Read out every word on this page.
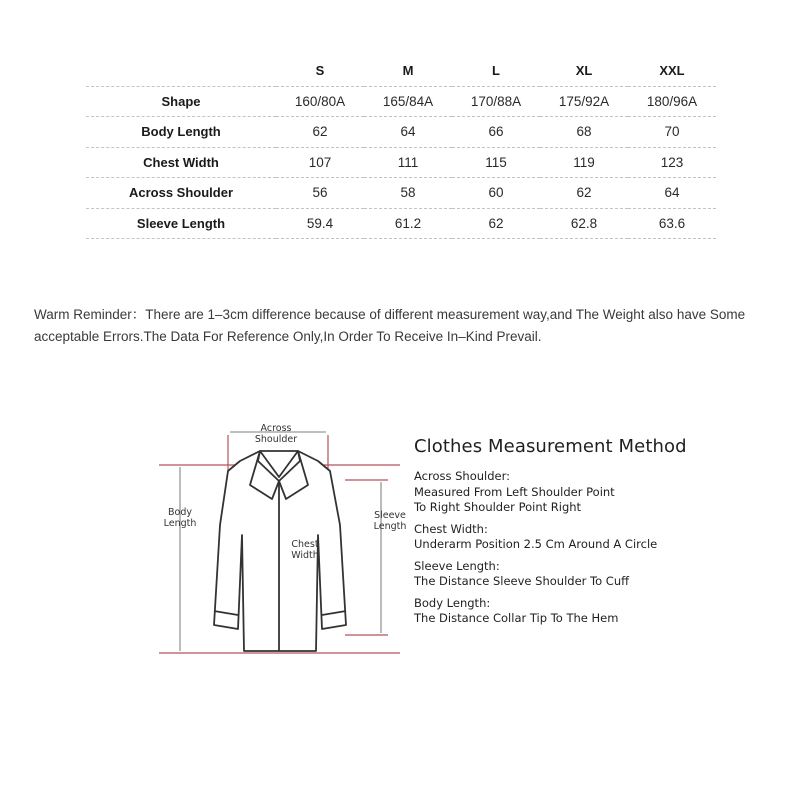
	S	M	L	XL	XXL
Shape	160/80A	165/84A	170/88A	175/92A	180/96A
Body Length	62	64	66	68	70
Chest Width	107	111	115	119	123
Across Shoulder	56	58	60	62	64
Sleeve Length	59.4	61.2	62	62.8	63.6

Warm Reminder：There are 1–3cm difference because of different measurement way,and The Weight also have Some acceptable Errors.The Data For Reference Only,In Order To Receive In–Kind Prevail.

Across
Shoulder
Body
Length
Chest
Width
Sleeve
Length
Clothes Measurement Method
Across Shoulder:
Measured From Left Shoulder Point
To Right Shoulder Point Right
Chest Width:
Underarm Position 2.5 Cm Around A Circle
Sleeve Length:
The Distance Sleeve Shoulder To Cuff
Body Length:
The Distance Collar Tip To The Hem
